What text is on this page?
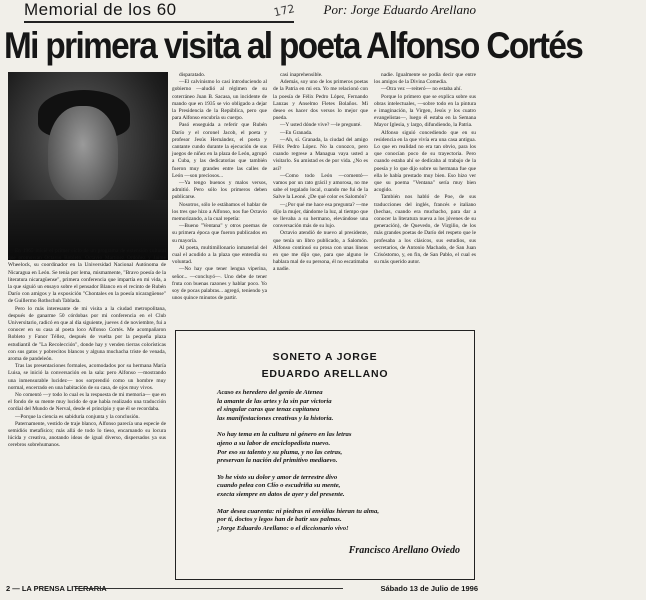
Memorial de los 60	172	Por: Jorge Eduardo Arellano
Mi primera visita al poeta Alfonso Cortés

En 1965 inicié el primer ciclo de un programa de extensión cultural que promovían Octavio Robleto, Octavio Martínez Ordóñez y Jaime Wheelock, su coordinador en la Universidad Nacional Autónoma de Nicaragua en León. Se tenía por lema, mismamente, "Bravo poesía de la literatura nicaragüense", primera conferencia que impartía en mi vida, a la que siguió un ensayo sobre el pensador Blanco en el recinto de Rubén Darío con amigos y la exposición "Chontales en la poesía nicaragüense" de Guillermo Rothschuh Tablada.

Pero lo más interesante de mi visita a la ciudad metropolitana, después de ganarme 50 córdobas por mi conferencia en el Club Universitario, radicó en que al día siguiente, jueves 4 de noviembre, fui a conocer en su casa al poeta loco Alfonso Cortés. Me acompañaron Robleto y Fanor Téllez, después de vuelta por la pequeña plaza estudiantil de "La Recolección", donde hay y venden tierras colorísticas con sus gatos y pobrecitos blancos y alguna muchacha triste de venada, aroma de pandeleón.

Tras las presentaciones formales, acomodados por su hermana María Luisa, se inició la conversación en la sala: pero Alfonso —mostrando una inmensurable lucidez— nos sorprendió como un hombre muy normal, encerrado en una habitación de su casa, de ojos muy vivos.

No comentó —y todo lo cual es la respuesta de mi memoria— que en el fondo de su mente muy lucido de que había realizado una traducción cordial del Mundo de Nerval, desde el principio y que él se recordaba.

—Porque la ciencia es sabiduría conjunta y la conclusión.

Paternamente, vestido de traje blanco, Alfonso parecía una especie de semidiós metafísico; más allá de todo lo tieso, encarnando su locura lúcida y creativa, anotando ideas de igual diverso, dispersados ya sus cerebros sobrehumanos.

disparatado.

—El calvinismo lo casi introduciendo al gobierno —aludió al régimen de su coterráneo Juan B. Sacasa, un incidente de mando que en 1935 se vio obligado a dejar la Presidencia de la República, pero que para Alfonso encubría su cuerpo.

Pasó enseguida a referir que Rubén Darío y el coronel Jacob, el poeta y profesor Jesús Hernández, el poeta y cantante cundo durante la ejecución de sus juegos de niñez en la plaza de León, agrupó a Cuba, y las dedicatorias que también fueron muy grandes entre las calles de León —son preciosos...

—Ya tengo buenos y malos versos, admitió. Pero sólo los primeros deben publicarse.

Nosotros, sólo le estábamos el hablar de los tres que hizo a Alfonso, nos fue Octavio memorizando, a la cual repetía:

—Bueno "Ventana" y otros poemas de su primera época que fueron publicados en su mayoría.

Al poeta, multimillonario inmaterial del cual el acudido a la plaza que entendía su voluntad.

—No hay que tener lengua viperina, señor... —concluyó—. Uno debe de tener fruta con buenas razones y hablar poco. Yo soy de pocas palabras... agregó, teniendo ya unos quince minutos de partir.

casi inaprehensible.

Además, soy uno de los primeros poetas de la Patria en mi era. Yo me relacionó con la poesía de Félix Pedro López, Fernando Lanzas y Anselmo Fletes Bolaños. Mi deseo es hacer dos versos lo mejor que pueda.

—Y usted dónde vive? —le pregunté.

—En Granada.

—Ah, sí. Granada, la ciudad del amigo Félix Pedro López. No la conozco, pero cuando regrese a Managua vaya usted a visitarlo. Su amistad es de por vida. ¿No es así?

—Como todo León —comentó— vamos por un rato grácil y amorosa, no me sabe el tegalado local, cuando me fui de la Salve la Leoné. ¿De qué color es Salomón?

—¿Por qué me hace esa pregunta? —me dijo la mujer, dándome la luz, al tiempo que se llevaba a su hermano, elevándose una conversación más de su lujo.

Octavio atendió de nuevo al presidente, que tenía un libro publicado, a Salomón. Alfonso continuó su prosa con unas líneas en que me dijo que, para que alguno le hablara mal de su persona, él no escatimaba a nadie.

nadie. Igualmente se podía decir que entre los amigos de la Divina Comedia.

—Otra vez —reiteró— no estaba ahí.

Porque lo primero que se explica sobre sus obras intelectuales, —sobre todo en la pintura e imaginación, la Virgen, Jesús y los cuatro evangelistas—, luego él estaba en la Semana Mayor Iglesia, y largo, difundiendo, la Patria.

Alfonso siguió concediendo que en su residencia en la que vivía era una casa antigua. Lo que en realidad no era tan obvio, para los que conocían poco de su trayectoria. Pero cuando estaba ahí se dedicaba al trabajo de la poesía y lo que dijo sobre su hermana fue que ella le había prestado muy bien. Eso hizo ver que su poema "Ventana" sería muy bien acogido.

También nos habló de Poe, de sus traducciones del inglés, francés e italiano (hechas, cuando era muchacho, para dar a conocer la literatura nueva a los jóvenes de su generación), de Quevedo, de Virgilio, de los más grandes poetas de Darío del respeto que le profesaba a los clásicos, sus estudios, sus secretarios, de Antonio Machado, de San Juan Crisóstomo, y, en fin, de San Pablo, el cual es su más querido autor.

SONETO A JORGE
EDUARDO ARELLANO
Acaso es heredero del genio de Atenea
la amante de las artes y la sin par victoria
el singular caras que tenaz capitanea
las manifestaciones creativas y la historia.
No hay tema en la cultura ni género en las letras
ajeno a su labor de enciclopedista nuevo.
Por eso su talento y su pluma, y no las cetras,
preservan la nación del primitivo mediaevo.
Yo he visto su dolor y amor de terrestre divo
cuando pelea con Clío o escudriña su mente,
execta siempre en datos de ayer y del presente.
Mar desea cuarenta: ni piedras ni envidias hieran tu alma,
por ti, doctos y legos han de batir sus palmas.
¡Jorge Eduardo Arellano: o el diccionario vivo!
Francisco Arellano Oviedo
2 — LA PRENSA LITERARIA	Sábado 13 de Julio de 1996
